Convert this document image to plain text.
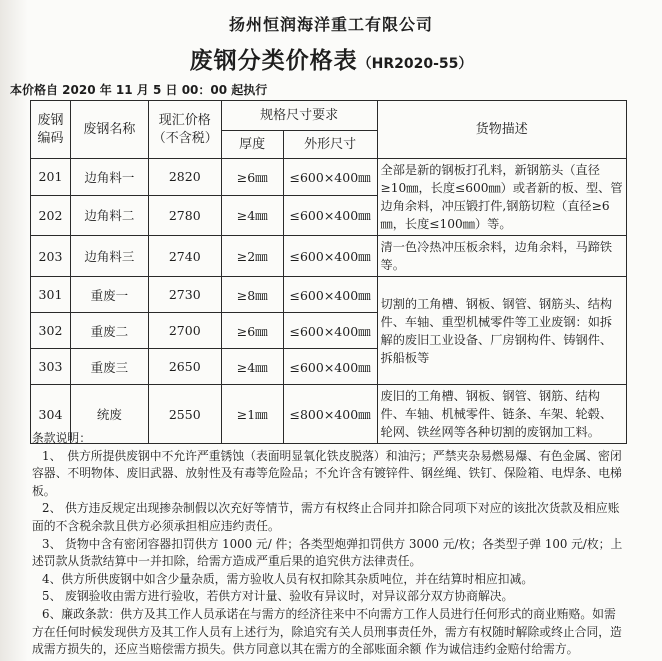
扬州恒润海洋重工有限公司
废钢分类价格表（HR2020-55）
本价格自 2020 年 11 月 5 日 00：00 起执行
废钢编码	废钢名称	现汇价格（不含税）	规格尺寸要求		货物描述
			厚度	外形尺寸	
201	边角料一	2820	≥6㎜	≤600×400㎜	全部是新的钢板打孔料，新钢筋头（直径≥10㎜，长度≤600㎜）或者新的板、型、管边角余料，冲压锻打件,钢筋切粒（直径≥6㎜，长度≤100㎜）等。
202	边角料二	2780	≥4㎜	≤600×400㎜	
203	边角料三	2740	≥2㎜	≤600×400㎜	清一色冷热冲压板余料，边角余料，马蹄铁等。
301	重废一	2730	≥8㎜	≤600×400㎜	切割的工角槽、钢板、钢管、钢筋头、结构件、车轴、重型机械零件等工业废钢：如拆解的废旧工业设备、厂房钢构件、铸钢件、拆船板等
302	重废二	2700	≥6㎜	≤600×400㎜	
303	重废三	2650	≥4㎜	≤600×400㎜	
304	统废	2550	≥1㎜	≤800×400㎜	废旧的工角槽、钢板、钢管、钢筋、结构件、车轴、机械零件、链条、车架、轮毂、轮网、铁丝网等各种切割的废钢加工料。
条款说明：

1、　供方所提供废钢中不允许严重锈蚀（表面明显氧化铁皮脱落）和油污；严禁夹杂易燃易爆、有色金属、密闭容器、不明物体、废旧武器、放射性及有毒等危险品；不允许含有镀锌件、钢丝绳、铁钉、保险箱、电焊条、电梯板。

2、 供方违反规定出现掺杂制假以次充好等情节，需方有权终止合同并扣除合同项下对应的该批次货款及相应账面的不含税余款且供方必须承担相应违约责任。

3、 货物中含有密闭容器扣罚供方 1000 元/ 件；各类型炮弹扣罚供方 3000 元/枚；各类型子弹 100 元/枚；上述罚款从货款结算中一并扣除，给需方造成严重后果的追究供方法律责任。

4、供方所供废钢中如含少量杂质，需方验收人员有权扣除其杂质吨位，并在结算时相应扣减。

5、 废钢验收由需方进行验收，若供方对计量、验收有异议时，对异议部分双方协商解决。

6、廉政条款：供方及其工作人员承诺在与需方的经济往来中不向需方工作人员进行任何形式的商业贿赂。如需方在任何时候发现供方及其工作人员有上述行为，除追究有关人员刑事责任外，需方有权随时解除或终止合同，造成需方损失的，还应当赔偿需方损失。供方同意以其在需方的全部账面余额 作为诚信违约金赔付给需方。
